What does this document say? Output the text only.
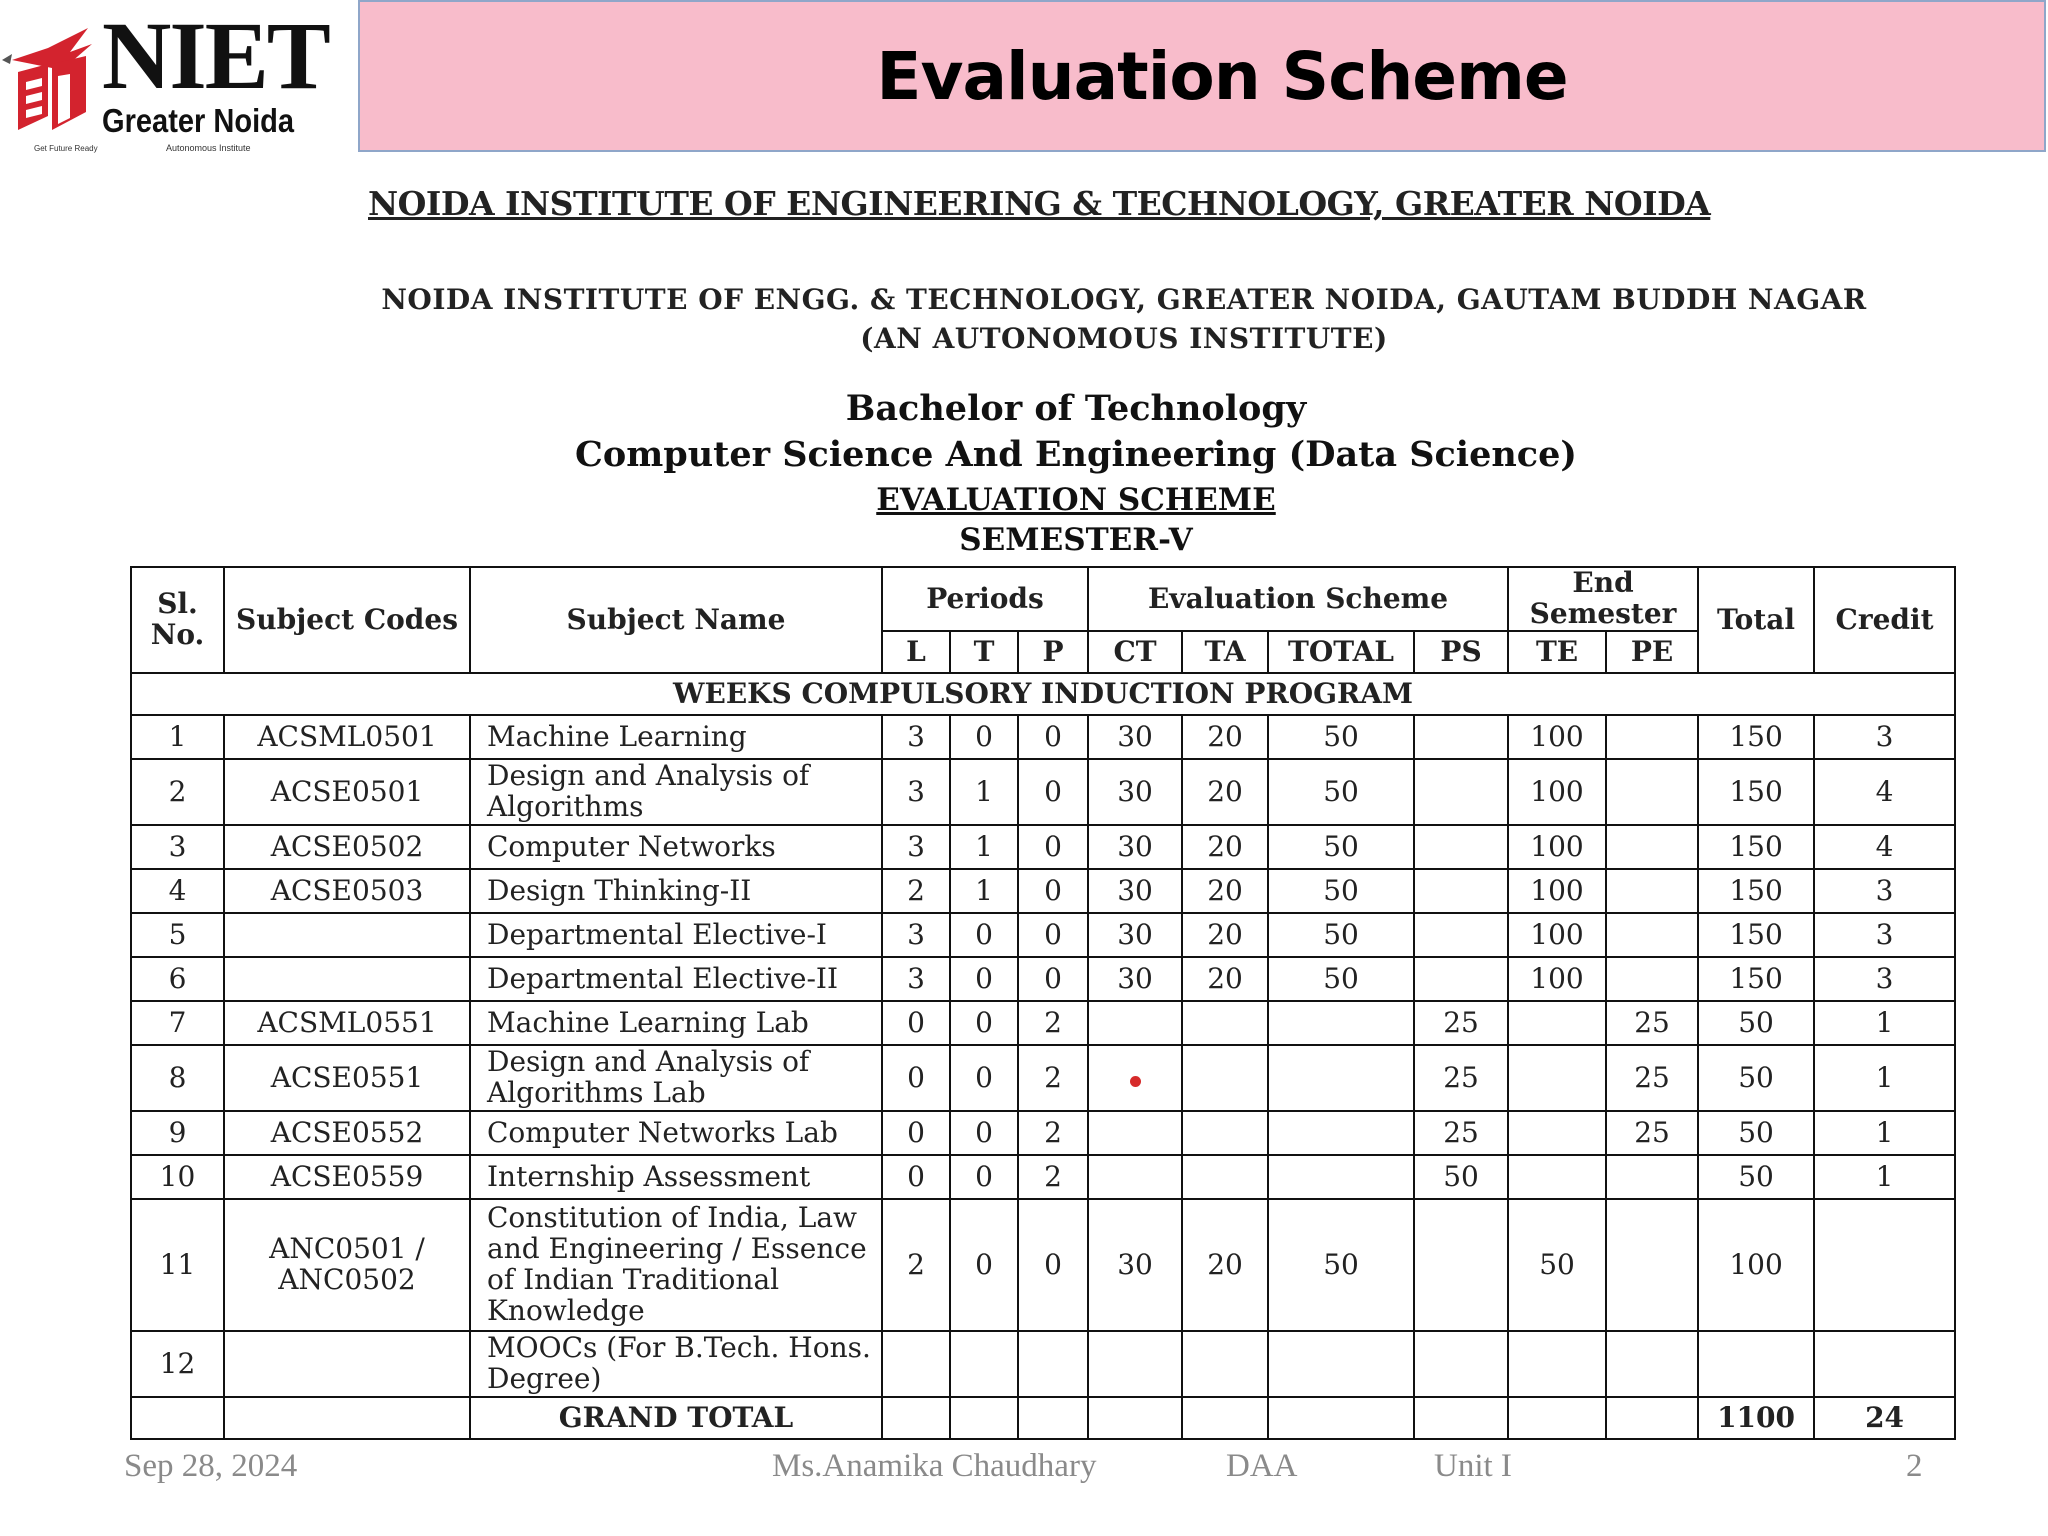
NIET
Greater Noida
Get Future Ready	Autonomous Institute
Evaluation Scheme
NOIDA INSTITUTE OF ENGINEERING & TECHNOLOGY, GREATER NOIDA
NOIDA INSTITUTE OF ENGG. & TECHNOLOGY, GREATER NOIDA, GAUTAM BUDDH NAGAR
(AN AUTONOMOUS INSTITUTE)
Bachelor of Technology
Computer Science And Engineering (Data Science)
EVALUATION SCHEME
SEMESTER-V
Sl. No.	Subject Codes	Subject Name	Periods			Evaluation Scheme				End Semester		Total	Credit
			L	T	P	CT	TA	TOTAL	PS	TE	PE		
WEEKS COMPULSORY INDUCTION PROGRAM													
1	ACSML0501	Machine Learning	3	0	0	30	20	50		100		150	3
2	ACSE0501	Design and Analysis of Algorithms	3	1	0	30	20	50		100		150	4
3	ACSE0502	Computer Networks	3	1	0	30	20	50		100		150	4
4	ACSE0503	Design Thinking-II	2	1	0	30	20	50		100		150	3
5		Departmental Elective-I	3	0	0	30	20	50		100		150	3
6		Departmental Elective-II	3	0	0	30	20	50		100		150	3
7	ACSML0551	Machine Learning Lab	0	0	2				25		25	50	1
8	ACSE0551	Design and Analysis of Algorithms Lab	0	0	2				25		25	50	1
9	ACSE0552	Computer Networks Lab	0	0	2				25		25	50	1
10	ACSE0559	Internship Assessment	0	0	2				50			50	1
11	ANC0501 / ANC0502	Constitution of India, Law and Engineering / Essence of Indian Traditional Knowledge	2	0	0	30	20	50		50		100	
12		MOOCs (For B.Tech. Hons. Degree)											
		GRAND TOTAL										1100	24
Sep 28, 2024	Ms.Anamika Chaudhary	DAA	Unit I	2
